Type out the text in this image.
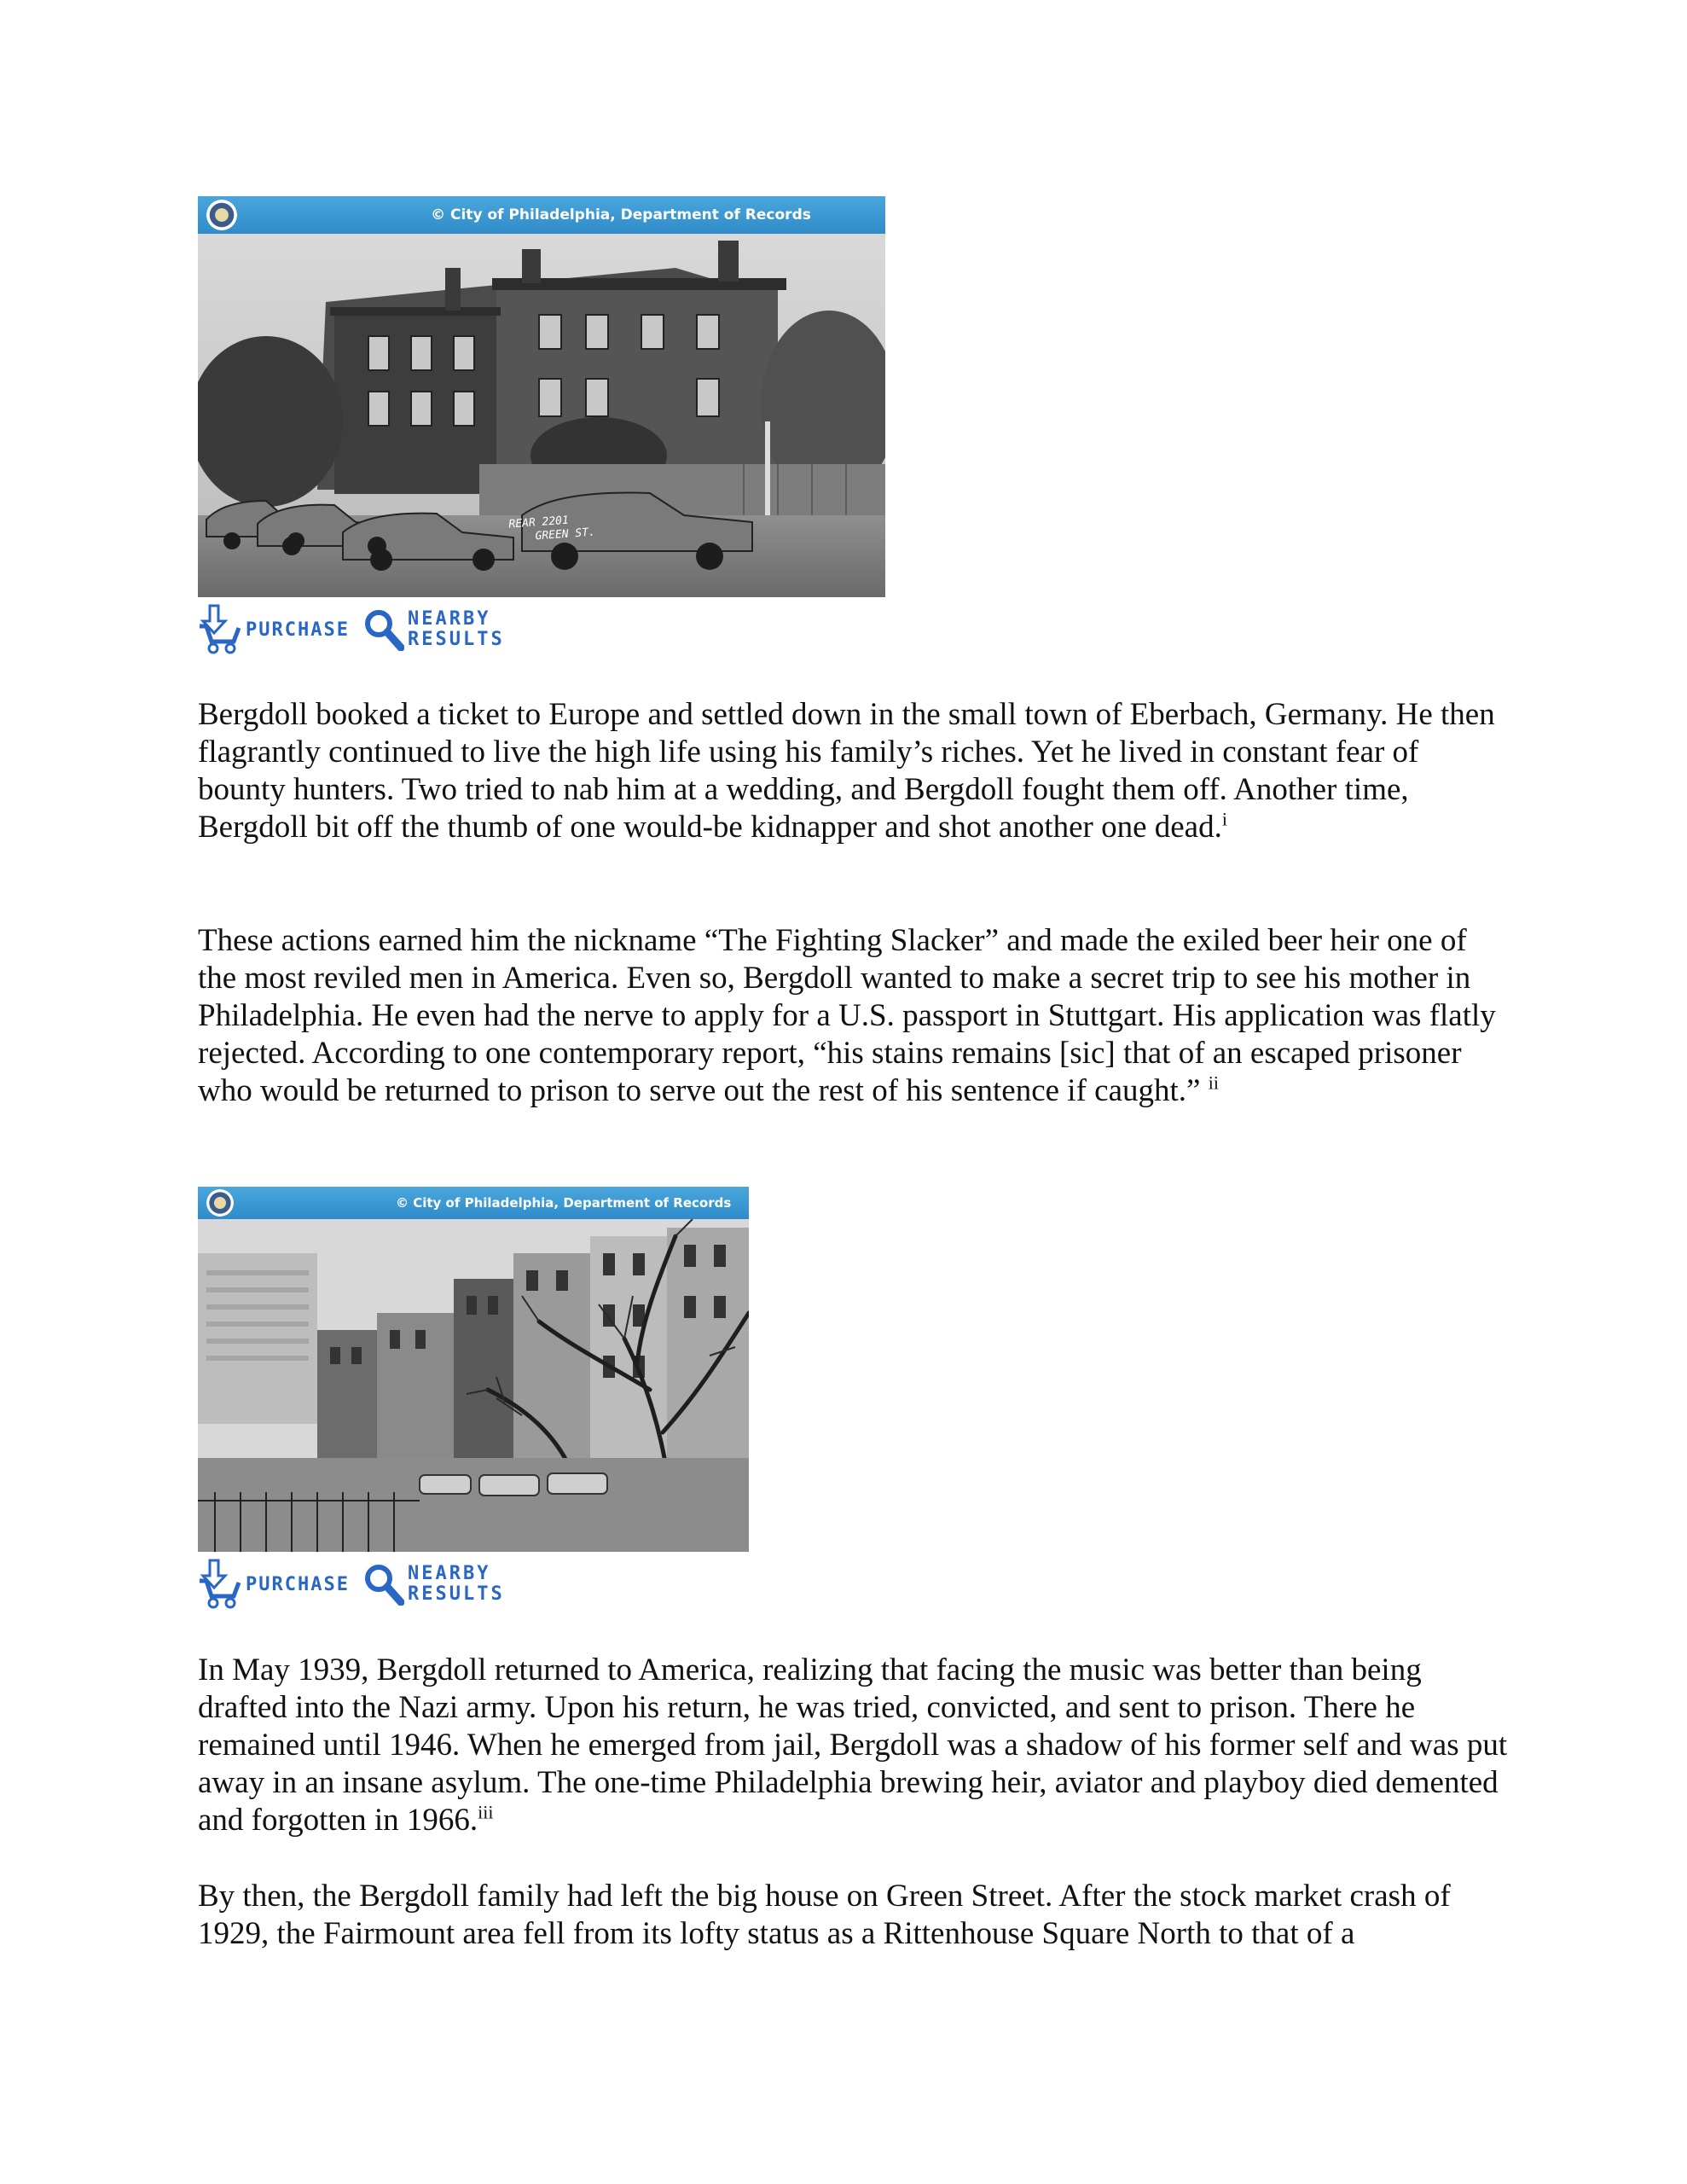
© City of Philadelphia, Department of Records
REAR 2201
GREEN ST.
PURCHASE	NEARBY
RESULTS

Bergdoll booked a ticket to Europe and settled down in the small town of Eberbach, Germany. He then flagrantly continued to live the high life using his family’s riches. Yet he lived in constant fear of bounty hunters. Two tried to nab him at a wedding, and Bergdoll fought them off. Another time, Bergdoll bit off the thumb of one would-be kidnapper and shot another one dead.$^i$

These actions earned him the nickname “The Fighting Slacker” and made the exiled beer heir one of the most reviled men in America. Even so, Bergdoll wanted to make a secret trip to see his mother in Philadelphia. He even had the nerve to apply for a U.S. passport in Stuttgart. His application was flatly rejected. According to one contemporary report, “his stains remains [sic] that of an escaped prisoner who would be returned to prison to serve out the rest of his sentence if caught.” $^{ii}$

© City of Philadelphia, Department of Records
PURCHASE	NEARBY
RESULTS

In May 1939, Bergdoll returned to America, realizing that facing the music was better than being drafted into the Nazi army. Upon his return, he was tried, convicted, and sent to prison. There he remained until 1946. When he emerged from jail, Bergdoll was a shadow of his former self and was put away in an insane asylum. The one-time Philadelphia brewing heir, aviator and playboy died demented and forgotten in 1966.$^{iii}$

By then, the Bergdoll family had left the big house on Green Street. After the stock market crash of 1929, the Fairmount area fell from its lofty status as a Rittenhouse Square North to that of a
